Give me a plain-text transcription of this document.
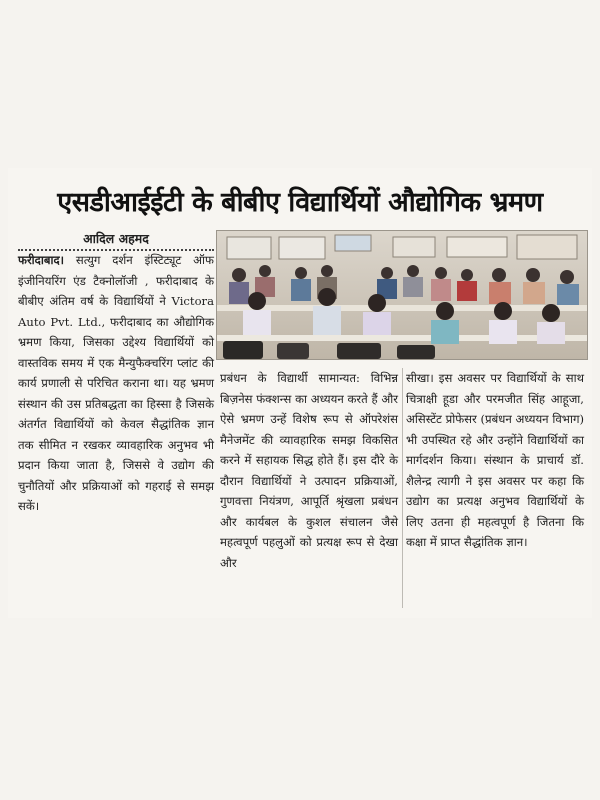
एसडीआईईटी के बीबीए विद्यार्थियों औद्योगिक भ्रमण
आदिल अहमद
फरीदाबाद। सत्युग दर्शन इंस्टिट्यूट ऑफ इंजीनियरिंग एंड टैक्नोलॉजी , फरीदाबाद के बीबीए अंतिम वर्ष के विद्यार्थियों ने Victora Auto Pvt. Ltd., फरीदाबाद का औद्योगिक भ्रमण किया, जिसका उद्देश्य विद्यार्थियों को वास्तविक समय में एक मैन्युफैक्चरिंग प्लांट की कार्य प्रणाली से परिचित कराना था। यह भ्रमण संस्थान की उस प्रतिबद्धता का हिस्सा है जिसके अंतर्गत विद्यार्थियों को केवल सैद्धांतिक ज्ञान तक सीमित न रखकर व्यावहारिक अनुभव भी प्रदान किया जाता है, जिससे वे उद्योग की चुनौतियों और प्रक्रियाओं को गहराई से समझ सकें।
प्रबंधन के विद्यार्थी सामान्यत: विभिन्न बिज़नेस फंक्शन्स का अध्ययन करते हैं और ऐसे भ्रमण उन्हें विशेष रूप से ऑपरेशंस मैनेजमेंट की व्यावहारिक समझ विकसित करने में सहायक सिद्ध होते हैं। इस दौरे के दौरान विद्यार्थियों ने उत्पादन प्रक्रियाओं, गुणवत्ता नियंत्रण, आपूर्ति श्रृंखला प्रबंधन और कार्यबल के कुशल संचालन जैसे महत्वपूर्ण पहलुओं को प्रत्यक्ष रूप से देखा और
सीखा। इस अवसर पर विद्यार्थियों के साथ चित्राक्षी हूडा और परमजीत सिंह आहूजा, असिस्टेंट प्रोफेसर (प्रबंधन अध्ययन विभाग) भी उपस्थित रहे और उन्होंने विद्यार्थियों का मार्गदर्शन किया। संस्थान के प्राचार्य डॉ. शैलेन्द्र त्यागी ने इस अवसर पर कहा कि उद्योग का प्रत्यक्ष अनुभव विद्यार्थियों के लिए उतना ही महत्वपूर्ण है जितना कि कक्षा में प्राप्त सैद्धांतिक ज्ञान।
